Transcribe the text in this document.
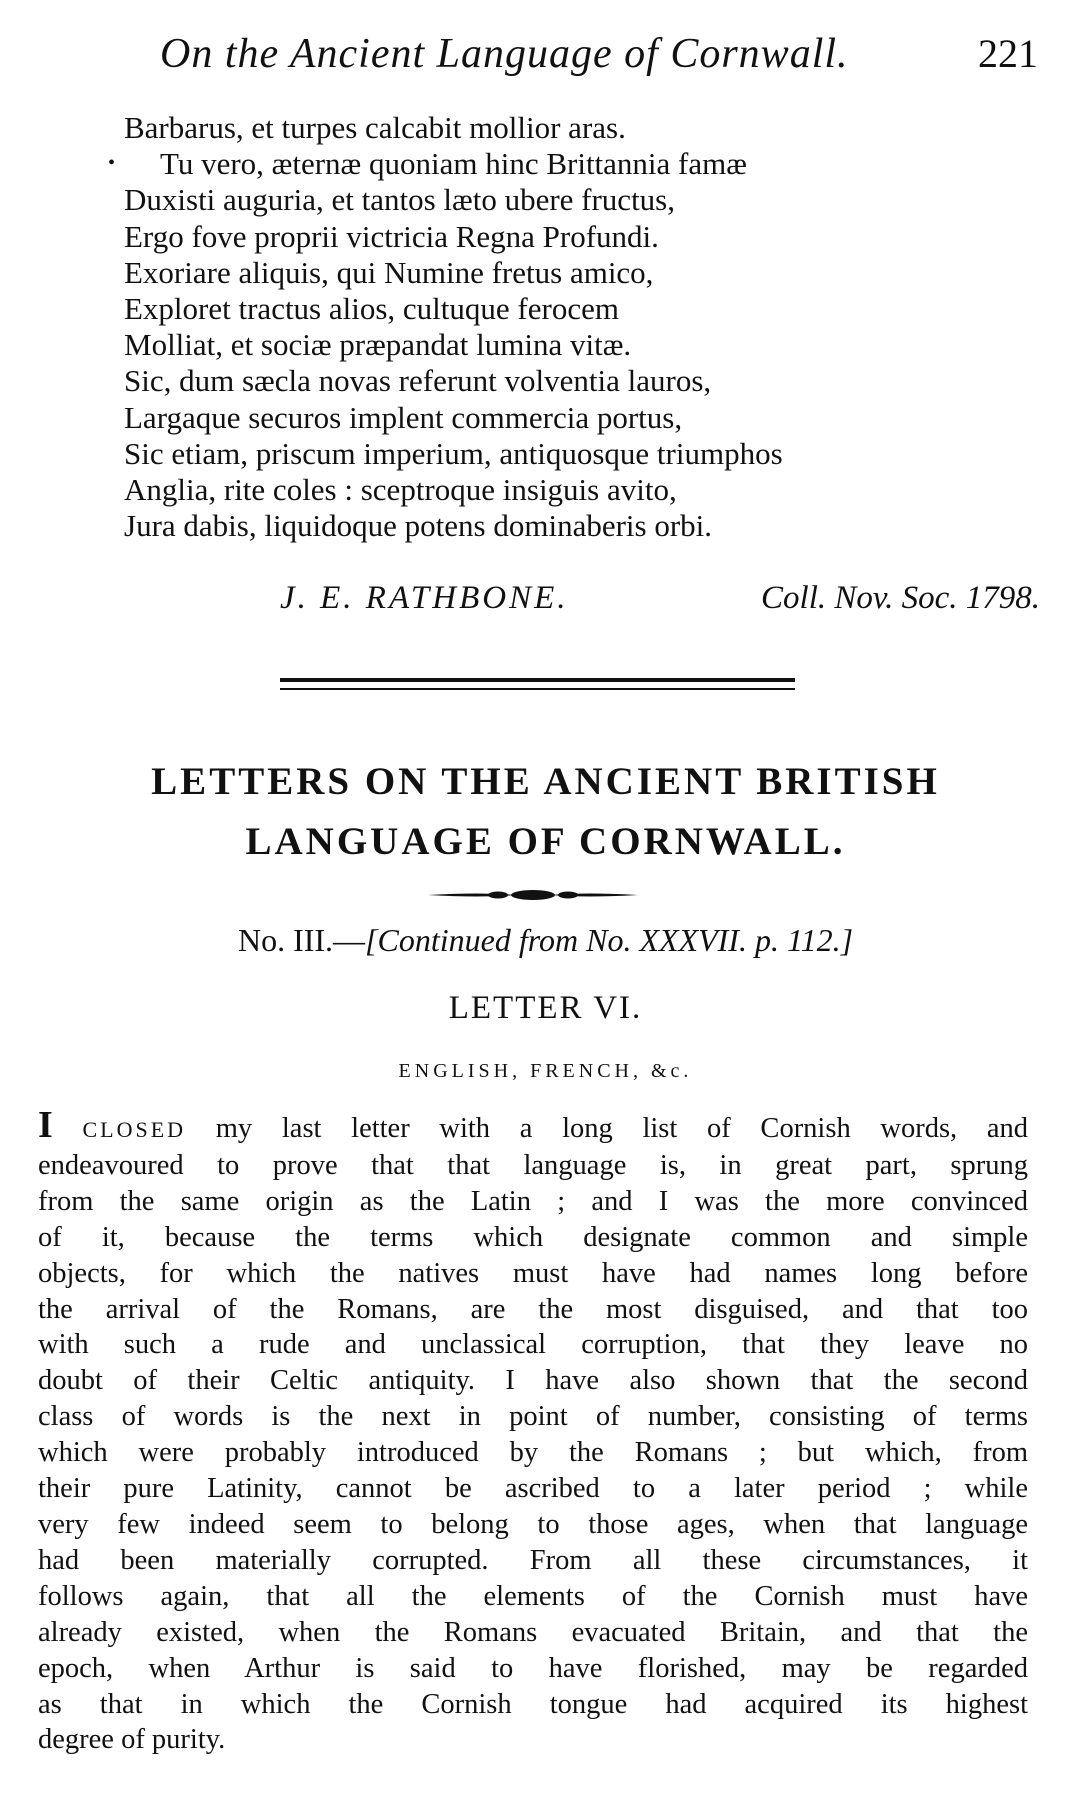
On the Ancient Language of Cornwall.	221
•
Barbarus, et turpes calcabit mollior aras.
Tu vero, æternæ quoniam hinc Brittannia famæ
Duxisti auguria, et tantos læto ubere fructus,
Ergo fove proprii victricia Regna Profundi.
Exoriare aliquis, qui Numine fretus amico,
Exploret tractus alios, cultuque ferocem
Molliat, et sociæ præpandat lumina vitæ.
Sic, dum sæcla novas referunt volventia lauros,
Largaque securos implent commercia portus,
Sic etiam, priscum imperium, antiquosque triumphos
Anglia, rite coles : sceptroque insiguis avito,
Jura dabis, liquidoque potens dominaberis orbi.
J. E. RATHBONE.	Coll. Nov. Soc. 1798.
LETTERS ON THE ANCIENT BRITISH
LANGUAGE OF CORNWALL.
No. III.—[Continued from No. XXXVII. p. 112.]
LETTER VI.
ENGLISH, FRENCH, &c.
I CLOSED my last letter with a long list of Cornish words, and
endeavoured to prove that that language is, in great part, sprung
from the same origin as the Latin ; and I was the more convinced
of it, because the terms which designate common and simple
objects, for which the natives must have had names long before
the arrival of the Romans, are the most disguised, and that too
with such a rude and unclassical corruption, that they leave no
doubt of their Celtic antiquity. I have also shown that the second
class of words is the next in point of number, consisting of terms
which were probably introduced by the Romans ; but which, from
their pure Latinity, cannot be ascribed to a later period ; while
very few indeed seem to belong to those ages, when that language
had been materially corrupted. From all these circumstances, it
follows again, that all the elements of the Cornish must have
already existed, when the Romans evacuated Britain, and that the
epoch, when Arthur is said to have florished, may be regarded
as that in which the Cornish tongue had acquired its highest
degree of purity.
